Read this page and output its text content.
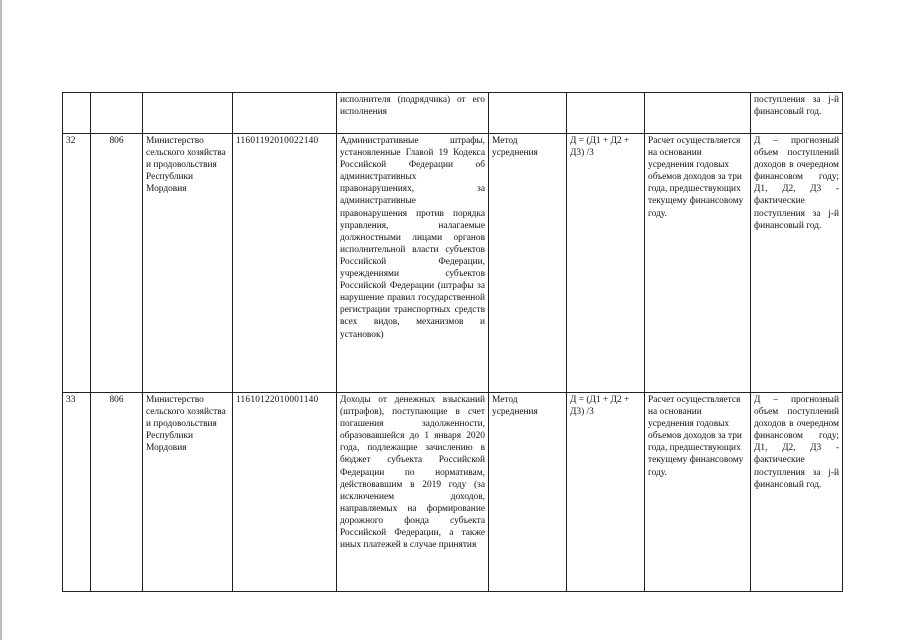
				исполнителя (подрядчика) от его исполнения				поступления за j-й финансовый год.
32	806	Министерство сельского хозяйства и продовольствия Республики Мордовия	11601192010022140	Административные штрафы, установленные Главой 19 Кодекса Российской Федерации об административных правонарушениях, за административные правонарушения против порядка управления, налагаемые должностными лицами органов исполнительной власти субъектов Российской Федерации, учреждениями субъектов Российской Федерации (штрафы за нарушение правил государственной регистрации транспортных средств всех видов, механизмов и установок)	Метод усреднения	Д = (Д1 + Д2 + Д3) /3	Расчет осуществляется на основании усреднения годовых объемов доходов за три года, предшествующих текущему финансовому году.	Д – прогнозный объем поступлений доходов в очередном финансовом году; Д1, Д2, Д3 - фактические поступления за j-й финансовый год.
33	806	Министерство сельского хозяйства и продовольствия Республики Мордовия	11610122010001140	Доходы от денежных взысканий (штрафов), поступающие в счет погашения задолженности, образовавшейся до 1 января 2020 года, подлежащие зачислению в бюджет субъекта Российской Федерации по нормативам, действовавшим в 2019 году (за исключением доходов, направляемых на формирование дорожного фонда субъекта Российской Федерации, а также иных платежей в случае принятия	Метод усреднения	Д = (Д1 + Д2 + Д3) /3	Расчет осуществляется на основании усреднения годовых объемов доходов за три года, предшествующих текущему финансовому году.	Д – прогнозный объем поступлений доходов в очередном финансовом году; Д1, Д2, Д3 - фактические поступления за j-й финансовый год.
